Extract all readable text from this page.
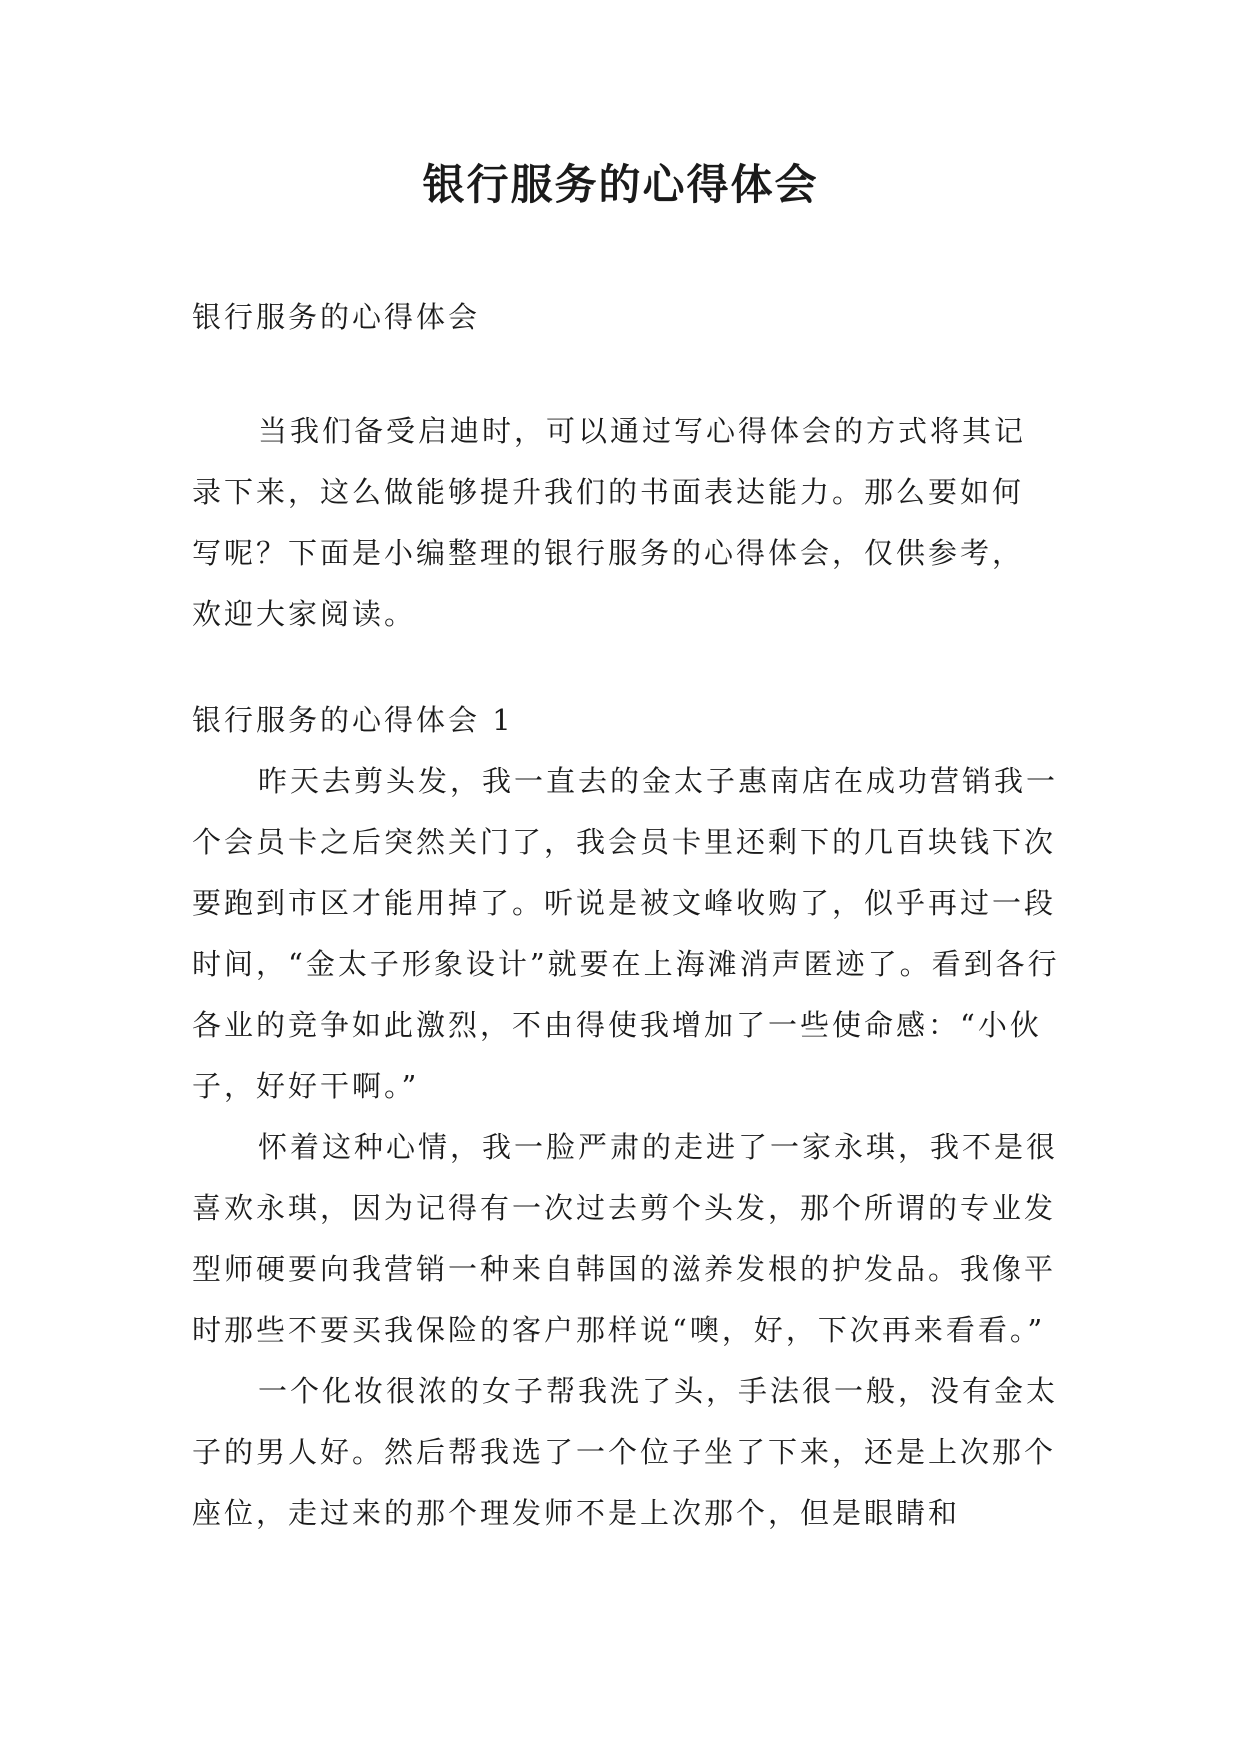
银行服务的心得体会

银行服务的心得体会

当我们备受启迪时，可以通过写心得体会的方式将其记录下来，这么做能够提升我们的书面表达能力。那么要如何写呢？下面是小编整理的银行服务的心得体会，仅供参考，欢迎大家阅读。

银行服务的心得体会 1

昨天去剪头发，我一直去的金太子惠南店在成功营销我一个会员卡之后突然关门了，我会员卡里还剩下的几百块钱下次要跑到市区才能用掉了。听说是被文峰收购了，似乎再过一段时间，“金太子形象设计”就要在上海滩消声匿迹了。看到各行各业的竞争如此激烈，不由得使我增加了一些使命感：“小伙子，好好干啊。”

怀着这种心情，我一脸严肃的走进了一家永琪，我不是很喜欢永琪，因为记得有一次过去剪个头发，那个所谓的专业发型师硬要向我营销一种来自韩国的滋养发根的护发品。我像平时那些不要买我保险的客户那样说“噢，好，下次再来看看。”

一个化妆很浓的女子帮我洗了头，手法很一般，没有金太子的男人好。然后帮我选了一个位子坐了下来，还是上次那个座位，走过来的那个理发师不是上次那个，但是眼睛和
